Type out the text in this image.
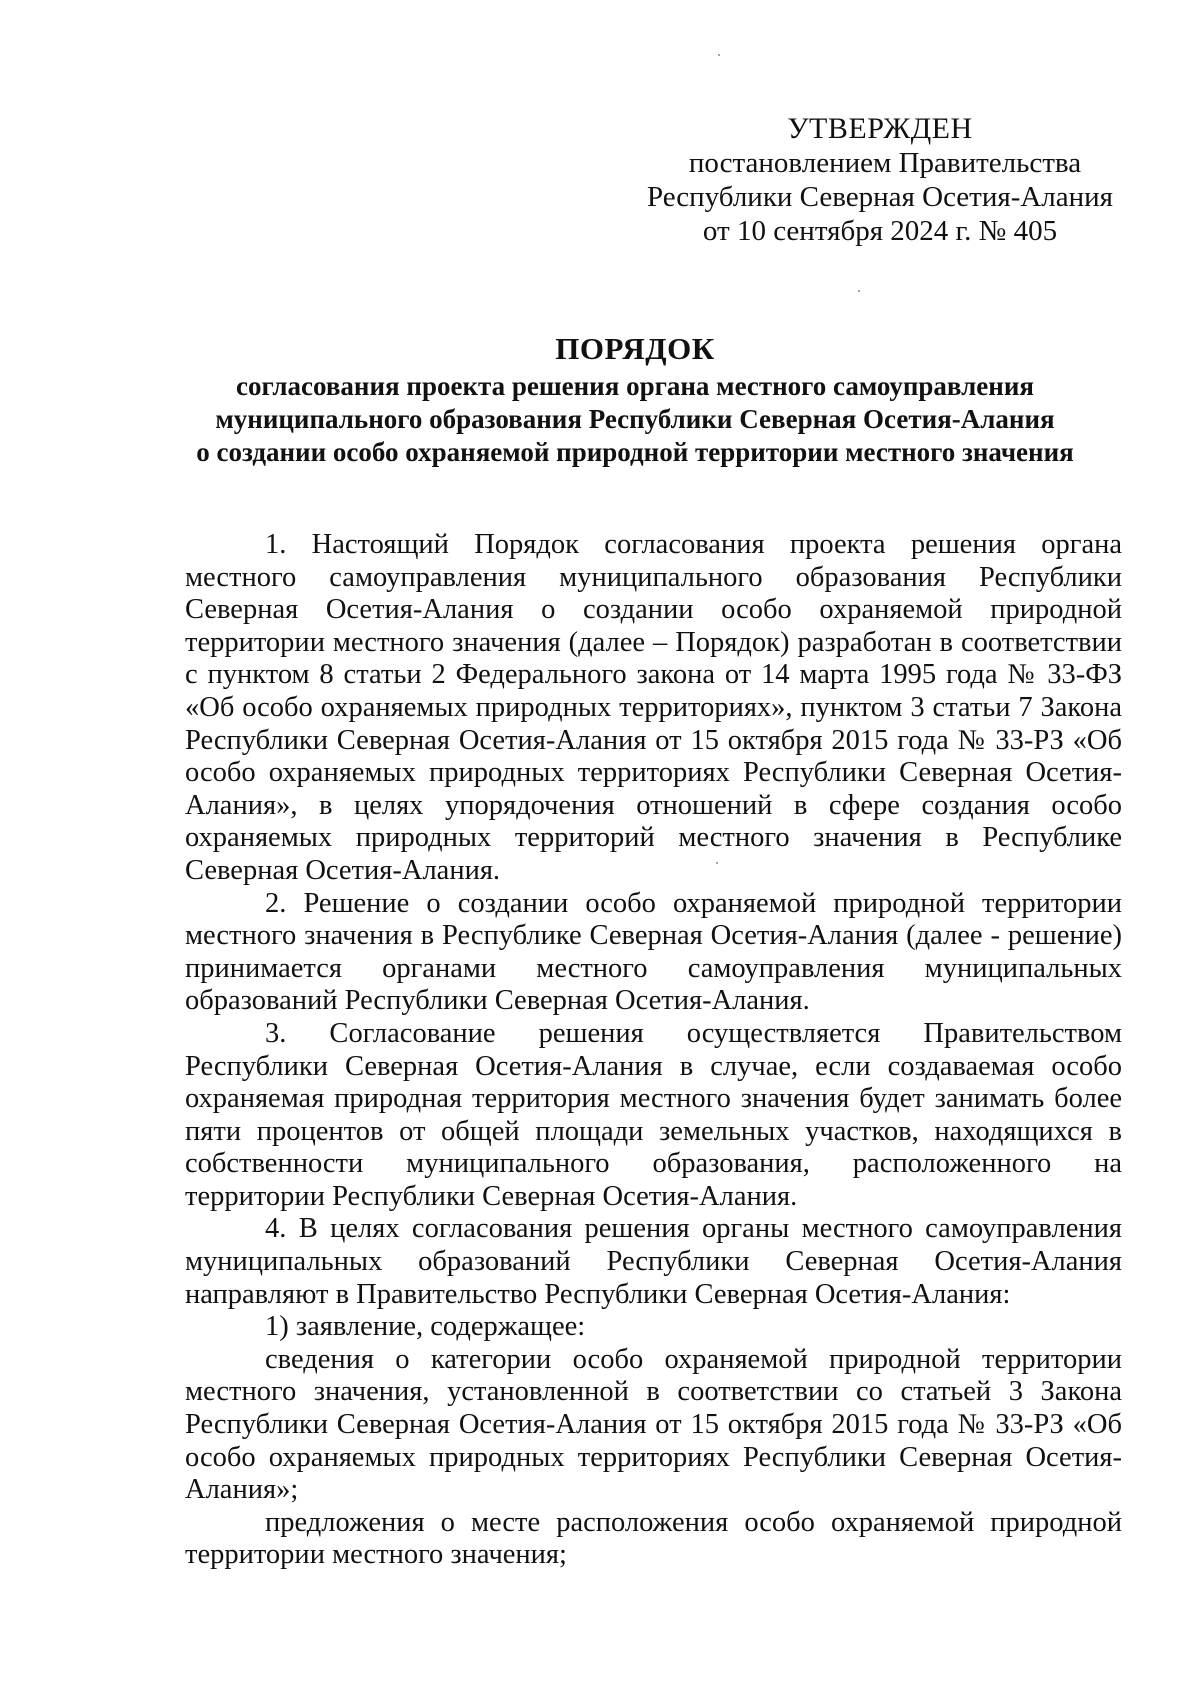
УТВЕРЖДЕН
постановлением Правительства
Республики Северная Осетия-Алания
от 10 сентября 2024 г. № 405
ПОРЯДОК
согласования проекта решения органа местного самоуправления
муниципального образования Республики Северная Осетия-Алания
о создании особо охраняемой природной территории местного значения

1. Настоящий Порядок согласования проекта решения органа местного самоуправления муниципального образования Республики Северная Осетия-Алания о создании особо охраняемой природной территории местного значения (далее – Порядок) разработан в соответствии с пунктом 8 статьи 2 Федерального закона от 14 марта 1995 года № 33-ФЗ «Об особо охраняемых природных территориях», пунктом 3 статьи 7 Закона Республики Северная Осетия-Алания от 15 октября 2015 года № 33-РЗ «Об особо охраняемых природных территориях Республики Северная Осетия-Алания», в целях упорядочения отношений в сфере создания особо охраняемых природных территорий местного значения в Республике Северная Осетия-Алания.

2. Решение о создании особо охраняемой природной территории местного значения в Республике Северная Осетия-Алания (далее - решение) принимается органами местного самоуправления муниципальных образований Республики Северная Осетия-Алания.

3. Согласование решения осуществляется Правительством Республики Северная Осетия-Алания в случае, если создаваемая особо охраняемая природная территория местного значения будет занимать более пяти процентов от общей площади земельных участков, находящихся в собственности муниципального образования, расположенного на территории Республики Северная Осетия-Алания.

4. В целях согласования решения органы местного самоуправления муниципальных образований Республики Северная Осетия-Алания направляют в Правительство Республики Северная Осетия-Алания:

1) заявление, содержащее:

сведения о категории особо охраняемой природной территории местного значения, установленной в соответствии со статьей 3 Закона Республики Северная Осетия-Алания от 15 октября 2015 года № 33-РЗ «Об особо охраняемых природных территориях Республики Северная Осетия-Алания»;

предложения о месте расположения особо охраняемой природной территории местного значения;
